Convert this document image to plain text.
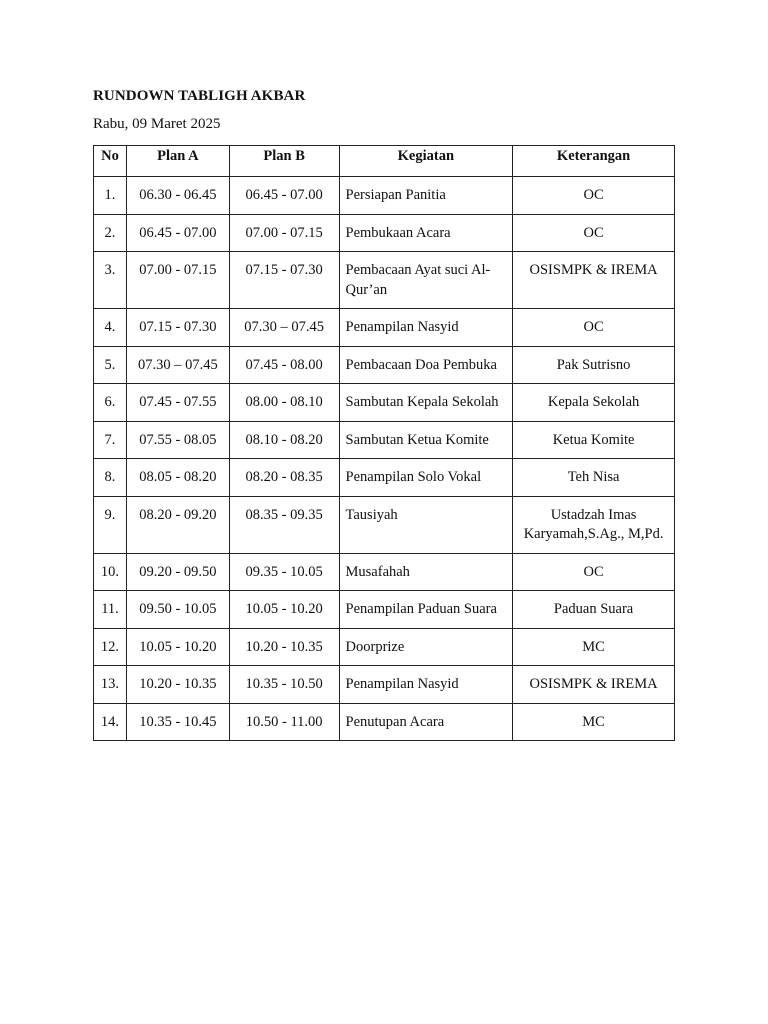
RUNDOWN TABLIGH AKBAR
Rabu, 09 Maret 2025
No	Plan A	Plan B	Kegiatan	Keterangan
1.	06.30 - 06.45	06.45 - 07.00	Persiapan Panitia	OC
2.	06.45 - 07.00	07.00 - 07.15	Pembukaan Acara	OC
3.	07.00 - 07.15	07.15 - 07.30	Pembacaan Ayat suci Al-Qur’an	OSISMPK & IREMA
4.	07.15 - 07.30	07.30 – 07.45	Penampilan Nasyid	OC
5.	07.30 – 07.45	07.45 - 08.00	Pembacaan Doa Pembuka	Pak Sutrisno
6.	07.45 - 07.55	08.00 - 08.10	Sambutan Kepala Sekolah	Kepala Sekolah
7.	07.55 - 08.05	08.10 - 08.20	Sambutan Ketua Komite	Ketua Komite
8.	08.05 - 08.20	08.20 - 08.35	Penampilan Solo Vokal	Teh Nisa
9.	08.20 - 09.20	08.35 - 09.35	Tausiyah	Ustadzah Imas Karyamah,S.Ag., M,Pd.
10.	09.20 - 09.50	09.35 - 10.05	Musafahah	OC
11.	09.50 - 10.05	10.05 - 10.20	Penampilan Paduan Suara	Paduan Suara
12.	10.05 - 10.20	10.20 - 10.35	Doorprize	MC
13.	10.20 - 10.35	10.35 - 10.50	Penampilan Nasyid	OSISMPK & IREMA
14.	10.35 - 10.45	10.50 - 11.00	Penutupan Acara	MC
